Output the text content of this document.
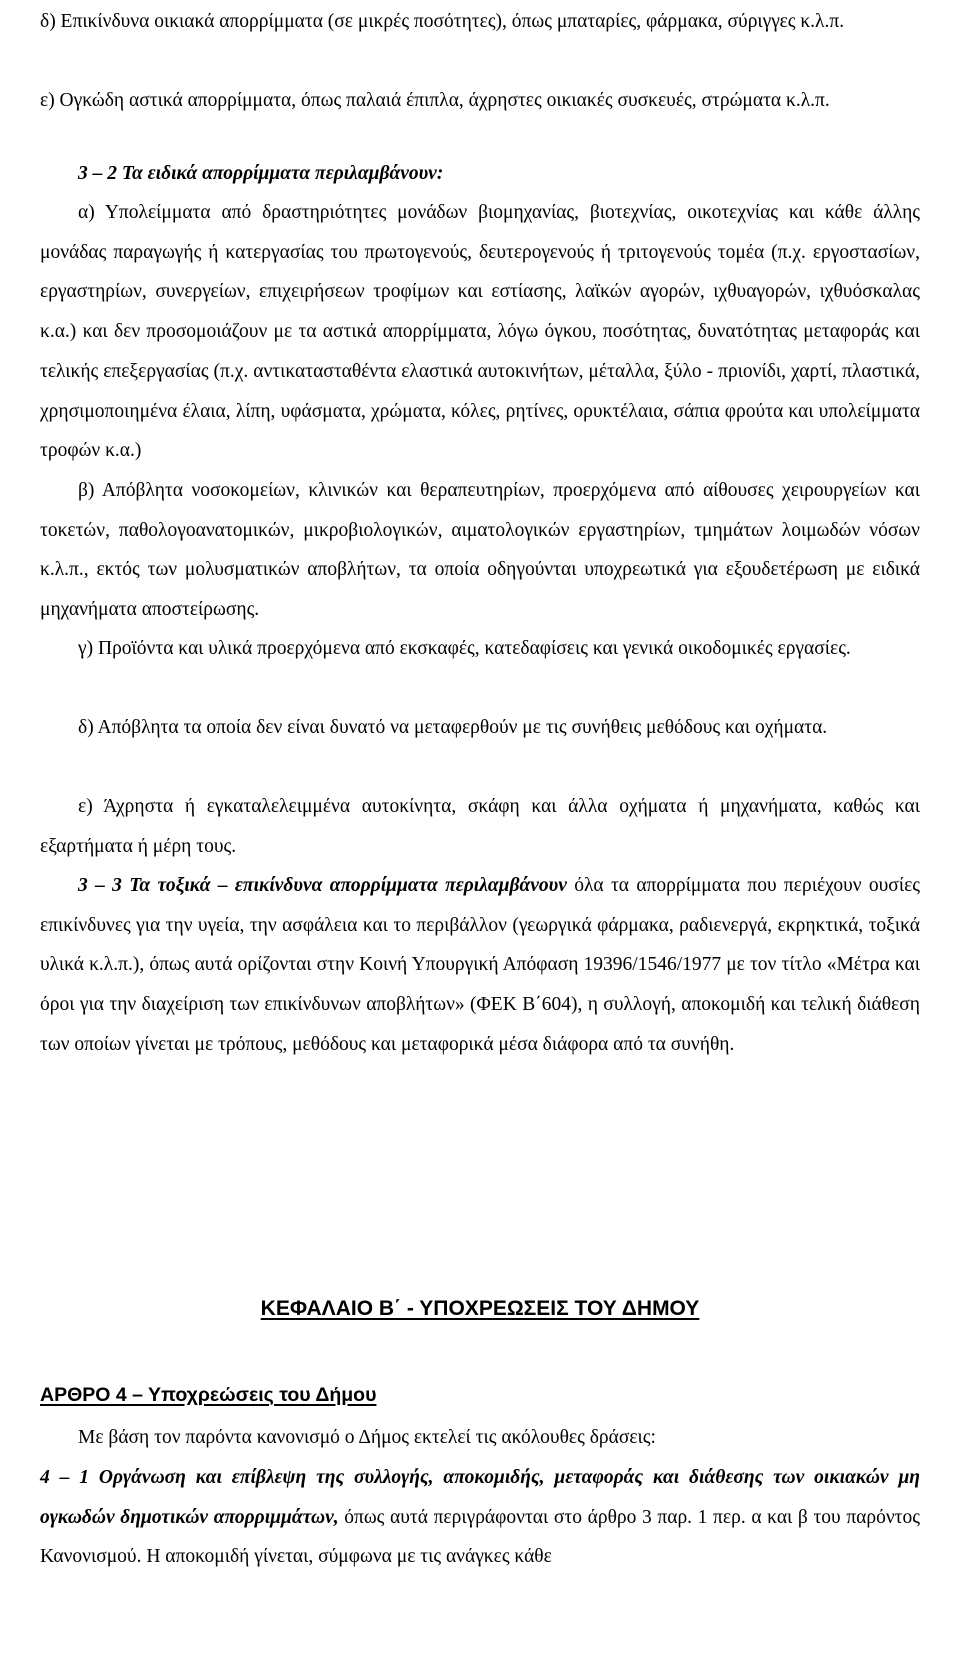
δ) Επικίνδυνα οικιακά απορρίμματα (σε μικρές ποσότητες), όπως μπαταρίες, φάρμακα, σύριγγες κ.λ.π.

ε) Ογκώδη αστικά απορρίμματα, όπως παλαιά έπιπλα, άχρηστες οικιακές συσκευές, στρώματα κ.λ.π.

3 – 2 Τα ειδικά απορρίμματα περιλαμβάνουν:

α) Υπολείμματα από δραστηριότητες μονάδων βιομηχανίας, βιοτεχνίας, οικοτεχνίας και κάθε άλλης μονάδας παραγωγής ή κατεργασίας του πρωτογενούς, δευτερογενούς ή τριτογενούς τομέα (π.χ. εργοστασίων, εργαστηρίων, συνεργείων, επιχειρήσεων τροφίμων και εστίασης, λαϊκών αγορών, ιχθυαγορών, ιχθυόσκαλας κ.α.) και δεν προσομοιάζουν με τα αστικά απορρίμματα, λόγω όγκου, ποσότητας, δυνατότητας μεταφοράς και τελικής επεξεργασίας (π.χ. αντικατασταθέντα ελαστικά αυτοκινήτων, μέταλλα, ξύλο - πριονίδι, χαρτί, πλαστικά, χρησιμοποιημένα έλαια, λίπη, υφάσματα, χρώματα, κόλες, ρητίνες, ορυκτέλαια, σάπια φρούτα και υπολείμματα τροφών κ.α.)

β) Απόβλητα νοσοκομείων, κλινικών και θεραπευτηρίων, προερχόμενα από αίθουσες χειρουργείων και τοκετών, παθολογοανατομικών, μικροβιολογικών, αιματολογικών εργαστηρίων, τμημάτων λοιμωδών νόσων κ.λ.π., εκτός των μολυσματικών αποβλήτων, τα οποία οδηγούνται υποχρεωτικά για εξουδετέρωση με ειδικά μηχανήματα αποστείρωσης.

γ) Προϊόντα και υλικά προερχόμενα από εκσκαφές, κατεδαφίσεις και γενικά οικοδομικές εργασίες.

δ) Απόβλητα τα οποία δεν είναι δυνατό να μεταφερθούν με τις συνήθεις μεθόδους και οχήματα.

ε) Άχρηστα ή εγκαταλελειμμένα αυτοκίνητα, σκάφη και άλλα οχήματα ή μηχανήματα, καθώς και εξαρτήματα ή μέρη τους.

3 – 3 Τα τοξικά – επικίνδυνα απορρίμματα περιλαμβάνουν όλα τα απορρίμματα που περιέχουν ουσίες επικίνδυνες για την υγεία, την ασφάλεια και το περιβάλλον (γεωργικά φάρμακα, ραδιενεργά, εκρηκτικά, τοξικά υλικά κ.λ.π.), όπως αυτά ορίζονται στην Κοινή Υπουργική Απόφαση 19396/1546/1977 με τον τίτλο «Μέτρα και όροι για την διαχείριση των επικίνδυνων αποβλήτων» (ΦΕΚ Β΄604), η συλλογή, αποκομιδή και τελική διάθεση των οποίων γίνεται με τρόπους, μεθόδους και μεταφορικά μέσα διάφορα από τα συνήθη.

ΚΕΦΑΛΑΙΟ Β΄ - ΥΠΟΧΡΕΩΣΕΙΣ ΤΟΥ ΔΗΜΟΥ
ΑΡΘΡΟ 4 – Υποχρεώσεις του Δήμου

Με βάση τον παρόντα κανονισμό ο Δήμος εκτελεί τις ακόλουθες δράσεις:

4 – 1 Οργάνωση και επίβλεψη της συλλογής, αποκομιδής, μεταφοράς και διάθεσης των οικιακών μη ογκωδών δημοτικών απορριμμάτων, όπως αυτά περιγράφονται στο άρθρο 3 παρ. 1 περ. α και β του παρόντος Κανονισμού. Η αποκομιδή γίνεται, σύμφωνα με τις ανάγκες κάθε
